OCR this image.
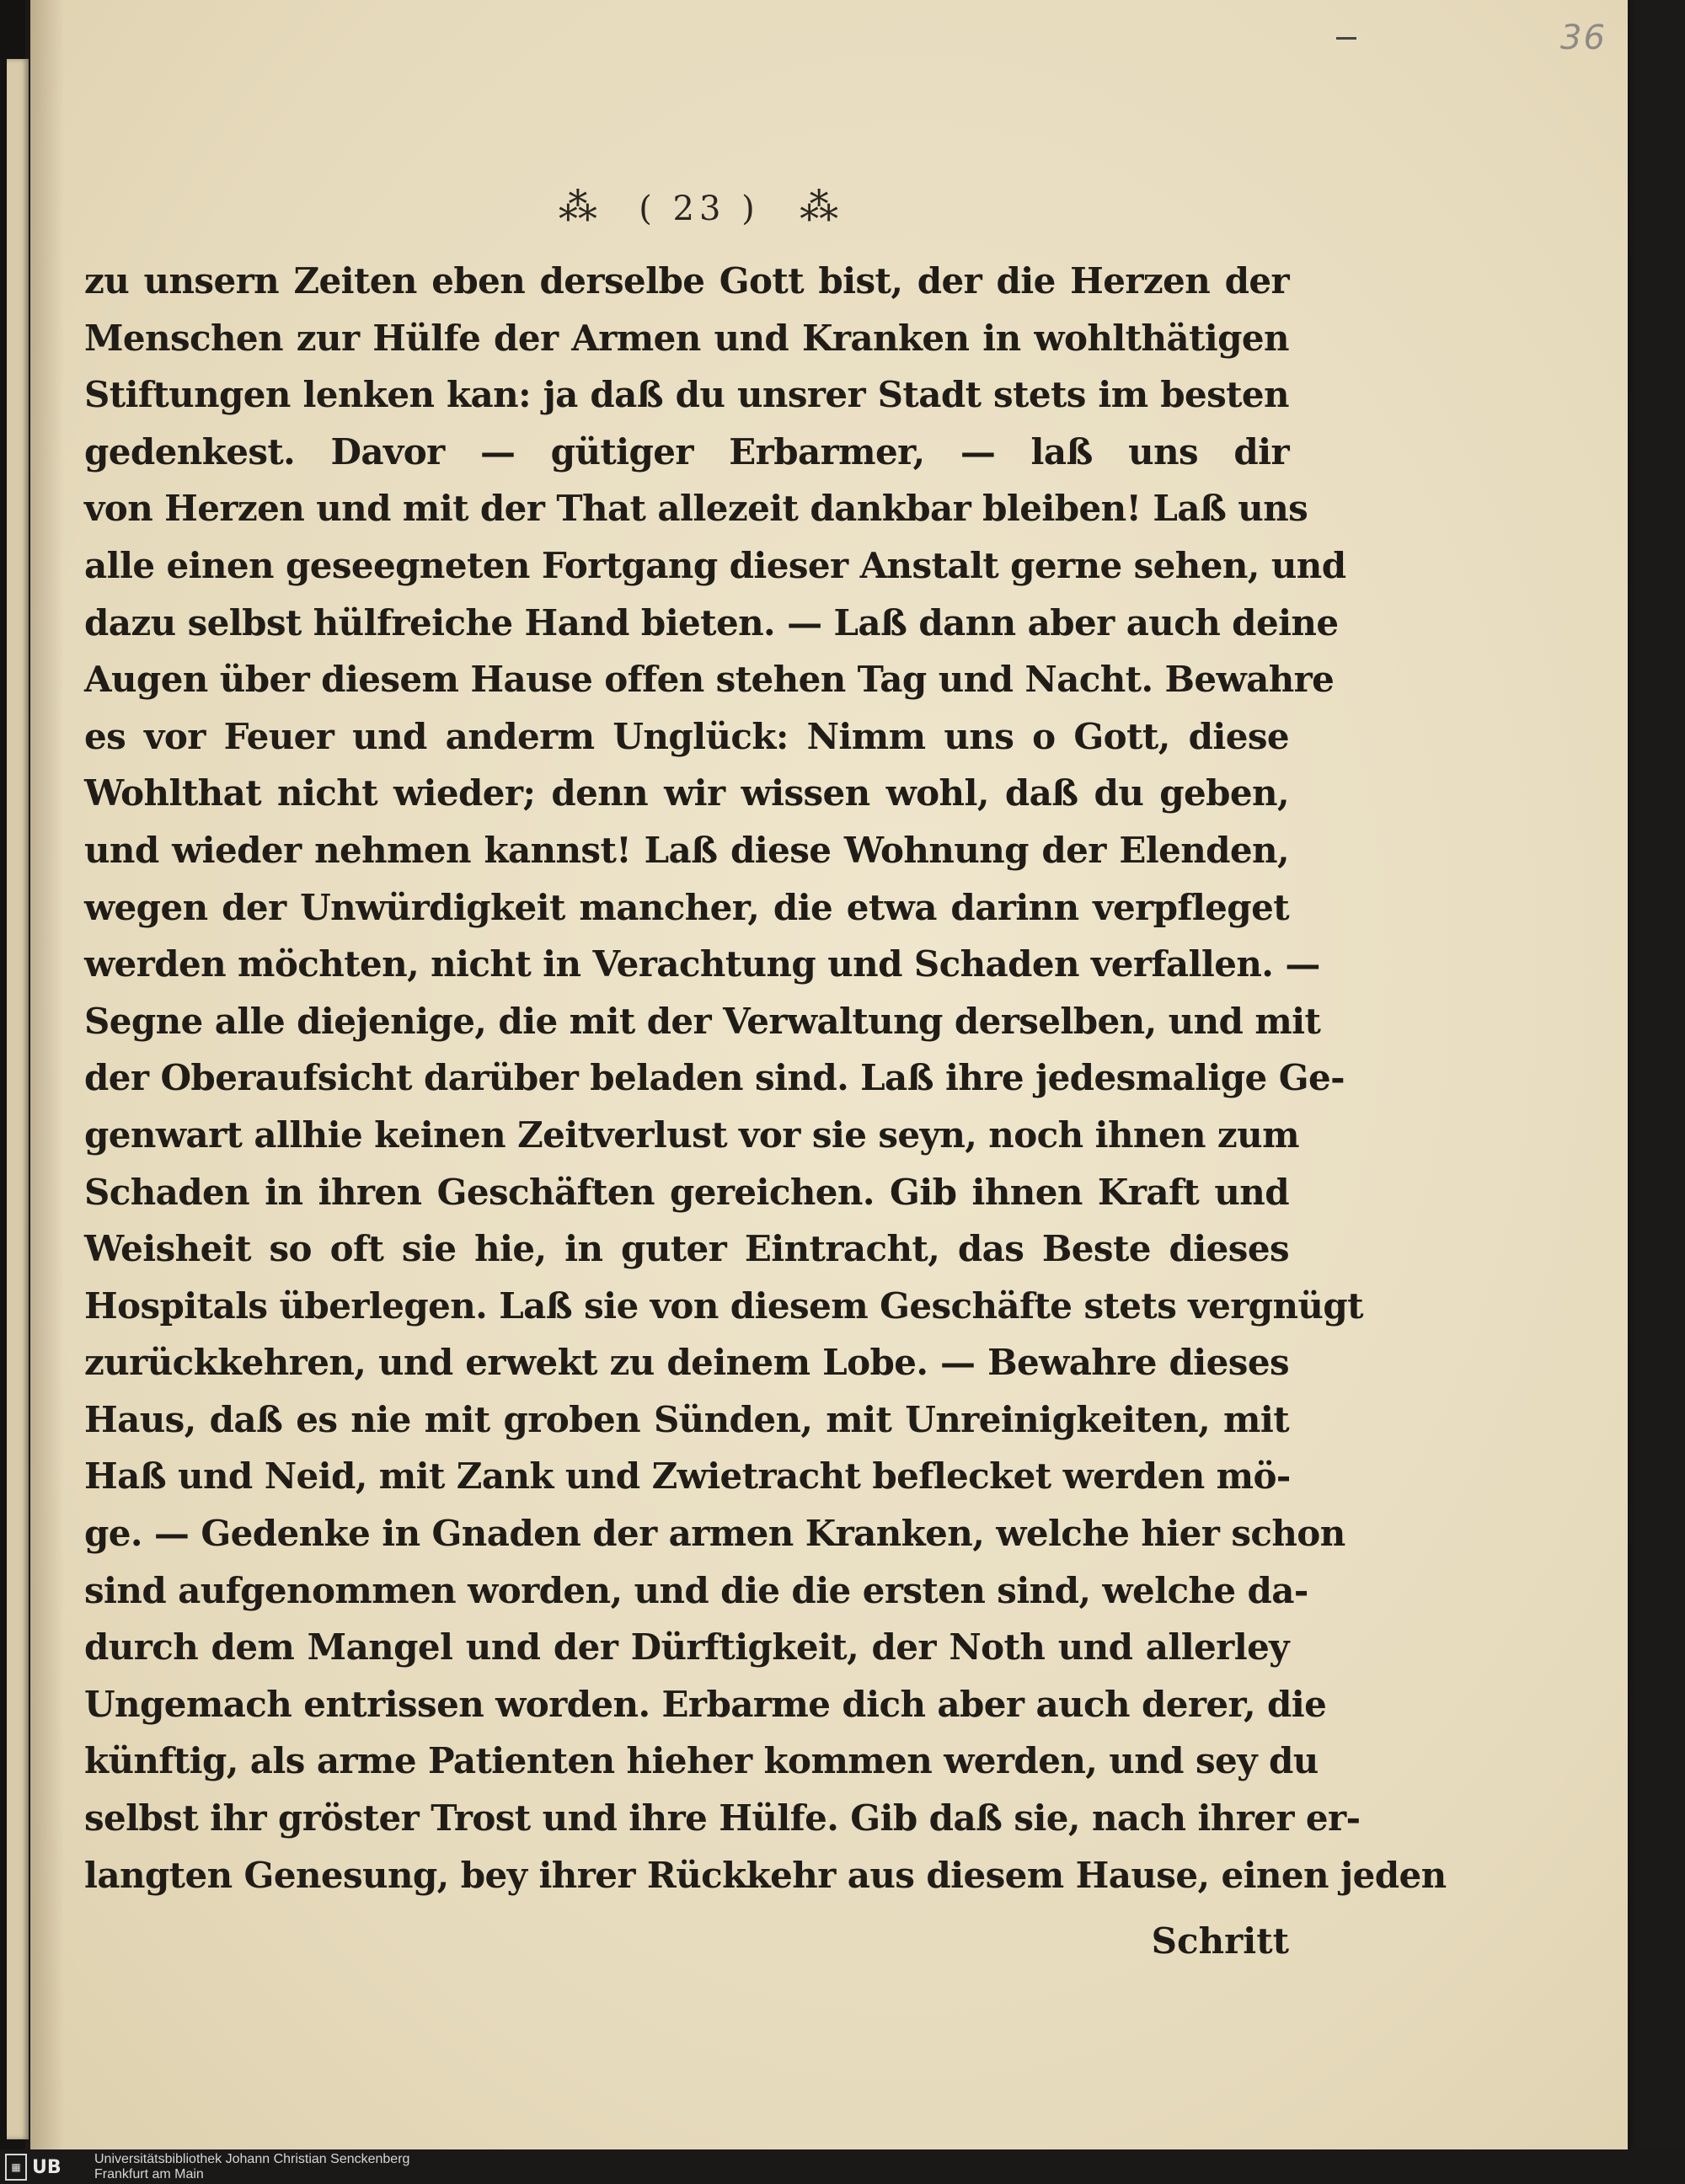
36
⁂ ( 23 ) ⁂
zu unsern Zeiten eben derselbe Gott bist, der die Herzen der
Menschen zur Hülfe der Armen und Kranken in wohlthätigen
Stiftungen lenken kan: ja daß du unsrer Stadt stets im besten
gedenkest. Davor — gütiger Erbarmer, — laß uns dir
von Herzen und mit der That allezeit dankbar bleiben! Laß uns
alle einen geseegneten Fortgang dieser Anstalt gerne sehen, und
dazu selbst hülfreiche Hand bieten. — Laß dann aber auch deine
Augen über diesem Hause offen stehen Tag und Nacht. Bewahre
es vor Feuer und anderm Unglück: Nimm uns o Gott, diese
Wohlthat nicht wieder; denn wir wissen wohl, daß du geben,
und wieder nehmen kannst! Laß diese Wohnung der Elenden,
wegen der Unwürdigkeit mancher, die etwa darinn verpfleget
werden möchten, nicht in Verachtung und Schaden verfallen. —
Segne alle diejenige, die mit der Verwaltung derselben, und mit
der Oberaufsicht darüber beladen sind. Laß ihre jedesmalige Ge-
genwart allhie keinen Zeitverlust vor sie seyn, noch ihnen zum
Schaden in ihren Geschäften gereichen. Gib ihnen Kraft und
Weisheit so oft sie hie, in guter Eintracht, das Beste dieses
Hospitals überlegen. Laß sie von diesem Geschäfte stets vergnügt
zurückkehren, und erwekt zu deinem Lobe. — Bewahre dieses
Haus, daß es nie mit groben Sünden, mit Unreinigkeiten, mit
Haß und Neid, mit Zank und Zwietracht beflecket werden mö-
ge. — Gedenke in Gnaden der armen Kranken, welche hier schon
sind aufgenommen worden, und die die ersten sind, welche da-
durch dem Mangel und der Dürftigkeit, der Noth und allerley
Ungemach entrissen worden. Erbarme dich aber auch derer, die
künftig, als arme Patienten hieher kommen werden, und sey du
selbst ihr gröster Trost und ihre Hülfe. Gib daß sie, nach ihrer er-
langten Genesung, bey ihrer Rückkehr aus diesem Hause, einen jeden
Schritt
▦ UB Universitätsbibliothek Johann Christian Senckenberg
Frankfurt am Main
